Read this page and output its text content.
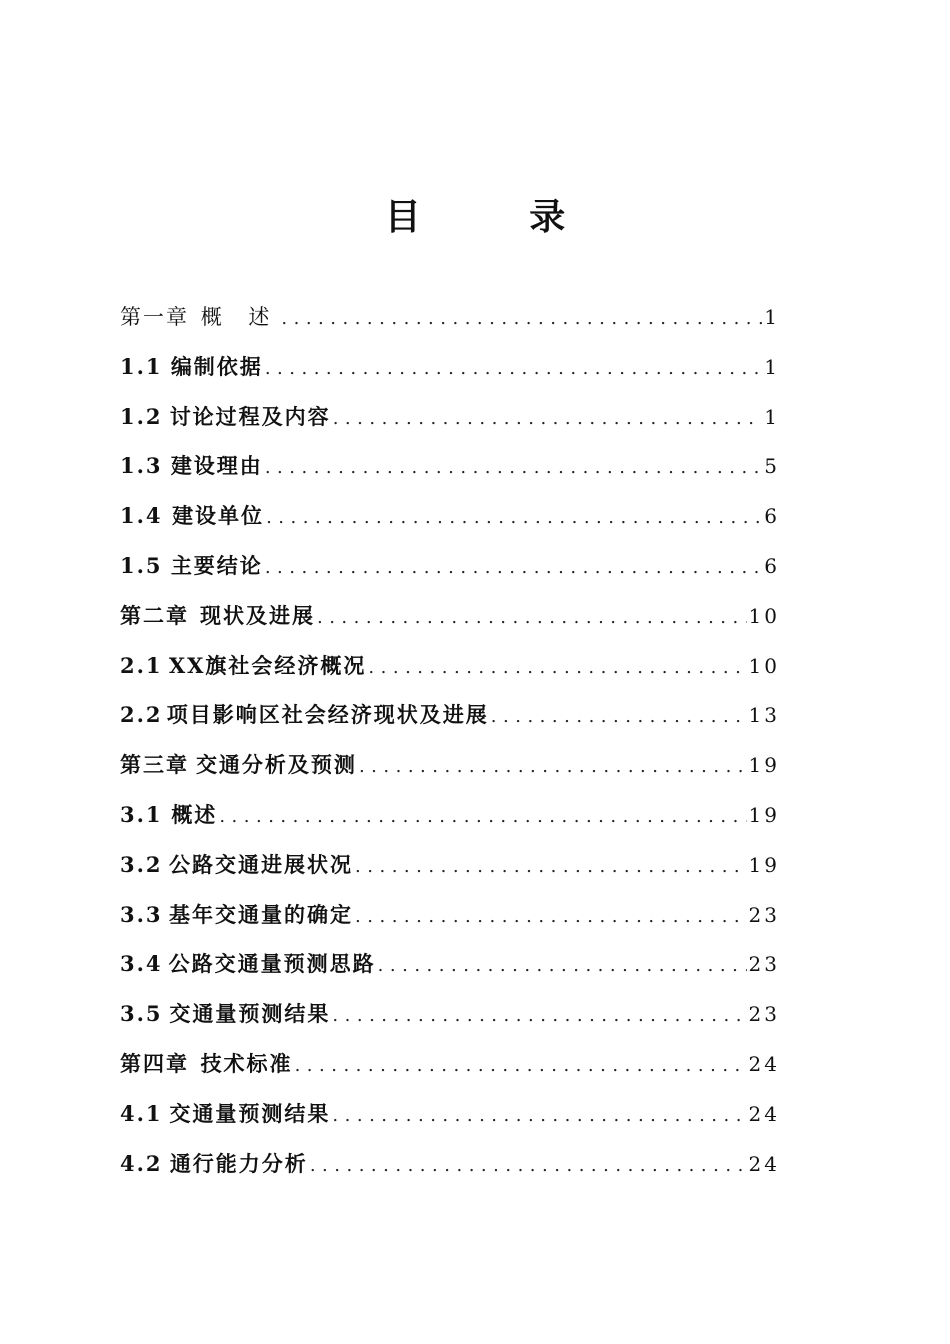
目 录
第一章 概 述 .....	1
1.1 编制依据 .....	1
1.2 讨论过程及内容 .....	1
1.3 建设理由 .....	5
1.4 建设单位 .....	6
1.5 主要结论 .....	6
第二章 现状及进展 .....	10
2.1 XX旗社会经济概况 .....	10
2.2 项目影响区社会经济现状及进展 .....	13
第三章 交通分析及预测 .....	19
3.1 概述 .....	19
3.2 公路交通进展状况 .....	19
3.3 基年交通量的确定 .....	23
3.4 公路交通量预测思路 .....	23
3.5 交通量预测结果 .....	23
第四章 技术标准 .....	24
4.1 交通量预测结果 .....	24
4.2 通行能力分析 .....	24
